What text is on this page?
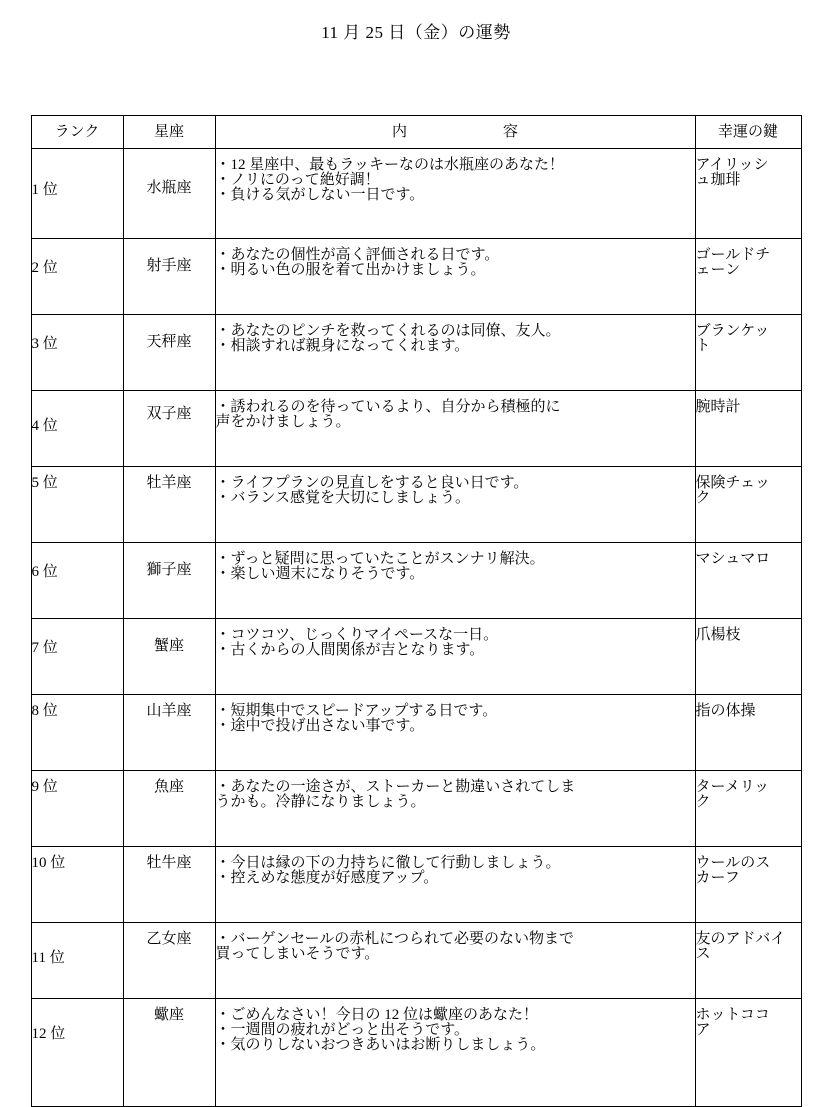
11 月 25 日（金）の運勢
ランク	星座	内　　容	幸運の鍵

1 位	水瓶座	・12 星座中、最もラッキーなのは水瓶座のあなた！
・ノリにのって絶好調！
・負ける気がしない一日です。	アイリッシ
ュ珈琲

2 位	射手座	・あなたの個性が高く評価される日です。
・明るい色の服を着て出かけましょう。	ゴールドチ
ェーン

3 位	天秤座	・あなたのピンチを救ってくれるのは同僚、友人。
・相談すれば親身になってくれます。	ブランケッ
ト

4 位	双子座	・誘われるのを待っているより、自分から積極的に
声をかけましょう。	腕時計

5 位	牡羊座	・ライフプランの見直しをすると良い日です。
・バランス感覚を大切にしましょう。	保険チェッ
ク

6 位	獅子座	・ずっと疑問に思っていたことがスンナリ解決。
・楽しい週末になりそうです。	マシュマロ

7 位	蟹座	・コツコツ、じっくりマイペースな一日。
・古くからの人間関係が吉となります。	爪楊枝

8 位	山羊座	・短期集中でスピードアップする日です。
・途中で投げ出さない事です。	指の体操

9 位	魚座	・あなたの一途さが、ストーカーと勘違いされてしま
うかも。冷静になりましょう。	ターメリッ
ク

10 位	牡牛座	・今日は縁の下の力持ちに徹して行動しましょう。
・控えめな態度が好感度アップ。	ウールのス
カーフ

11 位	乙女座	・バーゲンセールの赤札につられて必要のない物まで
買ってしまいそうです。	友のアドバイ
ス

12 位	蠍座	・ごめんなさい！今日の 12 位は蠍座のあなた！
・一週間の疲れがどっと出そうです。
・気のりしないおつきあいはお断りしましょう。	ホットココ
ア
